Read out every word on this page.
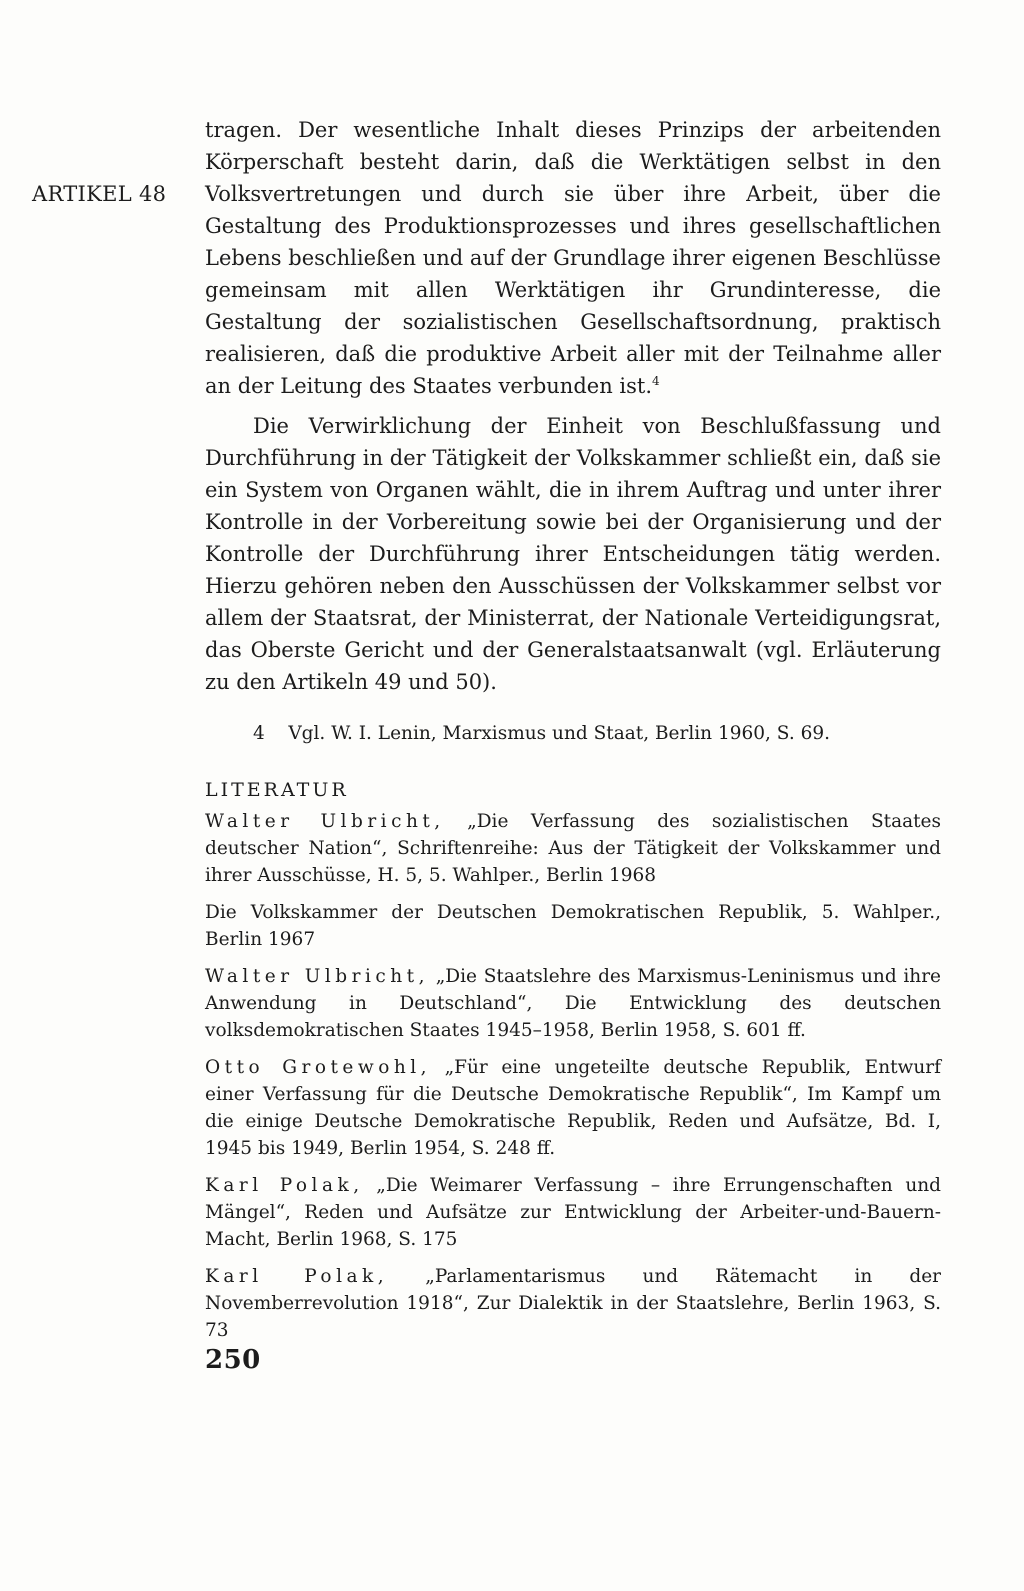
ARTIKEL 48

tragen. Der wesentliche Inhalt dieses Prinzips der arbeitenden Körperschaft besteht darin, daß die Werktätigen selbst in den Volksvertretungen und durch sie über ihre Arbeit, über die Gestaltung des Produktionsprozesses und ihres gesellschaftlichen Lebens beschließen und auf der Grundlage ihrer eigenen Beschlüsse gemeinsam mit allen Werktätigen ihr Grundinteresse, die Gestaltung der sozialistischen Gesellschaftsordnung, praktisch realisieren, daß die produktive Arbeit aller mit der Teilnahme aller an der Leitung des Staates verbunden ist.$^4$

Die Verwirklichung der Einheit von Beschlußfassung und Durchführung in der Tätigkeit der Volkskammer schließt ein, daß sie ein System von Organen wählt, die in ihrem Auftrag und unter ihrer Kontrolle in der Vorbereitung sowie bei der Organisierung und der Kontrolle der Durchführung ihrer Entscheidungen tätig werden. Hierzu gehören neben den Ausschüssen der Volkskammer selbst vor allem der Staatsrat, der Ministerrat, der Nationale Verteidigungsrat, das Oberste Gericht und der Generalstaatsanwalt (vgl. Erläuterung zu den Artikeln 49 und 50).

4 Vgl. W. I. Lenin, Marxismus und Staat, Berlin 1960, S. 69.

LITERATUR

Walter Ulbricht, „Die Verfassung des sozialistischen Staates deutscher Nation“, Schriftenreihe: Aus der Tätigkeit der Volkskammer und ihrer Ausschüsse, H. 5, 5. Wahlper., Berlin 1968

Die Volkskammer der Deutschen Demokratischen Republik, 5. Wahlper., Berlin 1967

Walter Ulbricht, „Die Staatslehre des Marxismus-Leninismus und ihre Anwendung in Deutschland“, Die Entwicklung des deutschen volksdemokratischen Staates 1945–1958, Berlin 1958, S. 601 ff.

Otto Grotewohl, „Für eine ungeteilte deutsche Republik, Entwurf einer Verfassung für die Deutsche Demokratische Republik“, Im Kampf um die einige Deutsche Demokratische Republik, Reden und Aufsätze, Bd. I, 1945 bis 1949, Berlin 1954, S. 248 ff.

Karl Polak, „Die Weimarer Verfassung – ihre Errungenschaften und Mängel“, Reden und Aufsätze zur Entwicklung der Arbeiter-und-Bauern-Macht, Berlin 1968, S. 175

Karl Polak, „Parlamentarismus und Rätemacht in der Novemberrevolution 1918“, Zur Dialektik in der Staatslehre, Berlin 1963, S. 73

250
